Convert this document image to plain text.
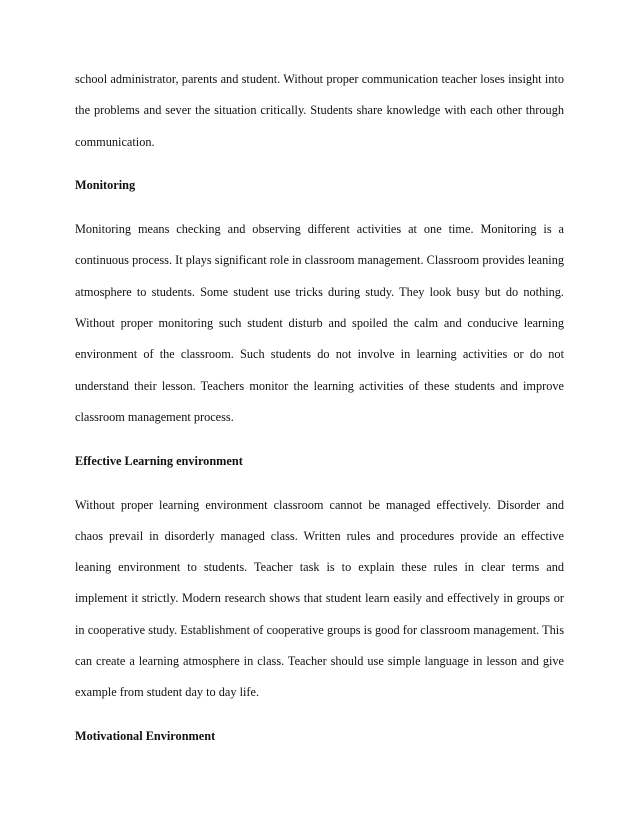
school administrator, parents and student. Without proper communication teacher loses insight into the problems and sever the situation critically. Students share knowledge with each other through communication.

Monitoring

Monitoring means checking and observing different activities at one time. Monitoring is a continuous process. It plays significant role in classroom management. Classroom provides leaning atmosphere to students. Some student use tricks during study. They look busy but do nothing. Without proper monitoring such student disturb and spoiled the calm and conducive learning environment of the classroom. Such students do not involve in learning activities or do not understand their lesson. Teachers monitor the learning activities of these students and improve classroom management process.

Effective Learning environment

Without proper learning environment classroom cannot be managed effectively. Disorder and chaos prevail in disorderly managed class. Written rules and procedures provide an effective leaning environment to students. Teacher task is to explain these rules in clear terms and implement it strictly. Modern research shows that student learn easily and effectively in groups or in cooperative study. Establishment of cooperative groups is good for classroom management. This can create a learning atmosphere in class. Teacher should use simple language in lesson and give example from student day to day life.

Motivational Environment
